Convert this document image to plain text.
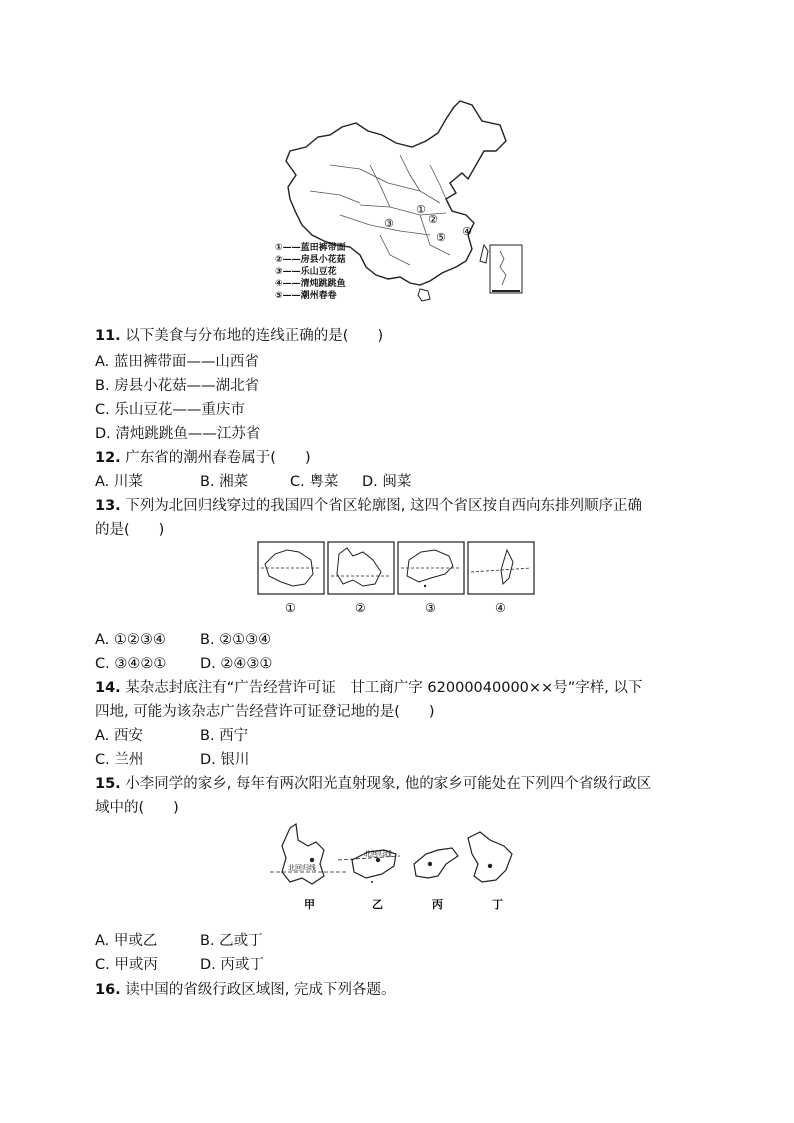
①
②
③
④
⑤
①——蓝田裤带面
②——房县小花菇
③——乐山豆花
④——清炖跳跳鱼
⑤——潮州春卷
11. 以下美食与分布地的连线正确的是(　　)
A. 蓝田裤带面——山西省
B. 房县小花菇——湖北省
C. 乐山豆花——重庆市
D. 清炖跳跳鱼——江苏省
12. 广东省的潮州春卷属于(　　)
A. 川菜	B. 湘菜	C. 粤菜 D. 闽菜
13. 下列为北回归线穿过的我国四个省区轮廓图, 这四个省区按自西向东排列顺序正确
的是(　　)
①	②	③	④
A. ①②③④ B. ②①③④
C. ③④②① D. ②④③①
14. 某杂志封底注有“广告经营许可证　甘工商广字 62000040000××号”字样, 以下
四地, 可能为该杂志广告经营许可证登记地的是(　　)
A. 西安	B. 西宁
C. 兰州	D. 银川
15. 小李同学的家乡, 每年有两次阳光直射现象, 他的家乡可能处在下列四个省级行政区
域中的(　　)
北回归线
北回归线
甲	乙	丙	丁
A. 甲或乙	B. 乙或丁
C. 甲或丙	D. 丙或丁
16. 读中国的省级行政区域图, 完成下列各题。
